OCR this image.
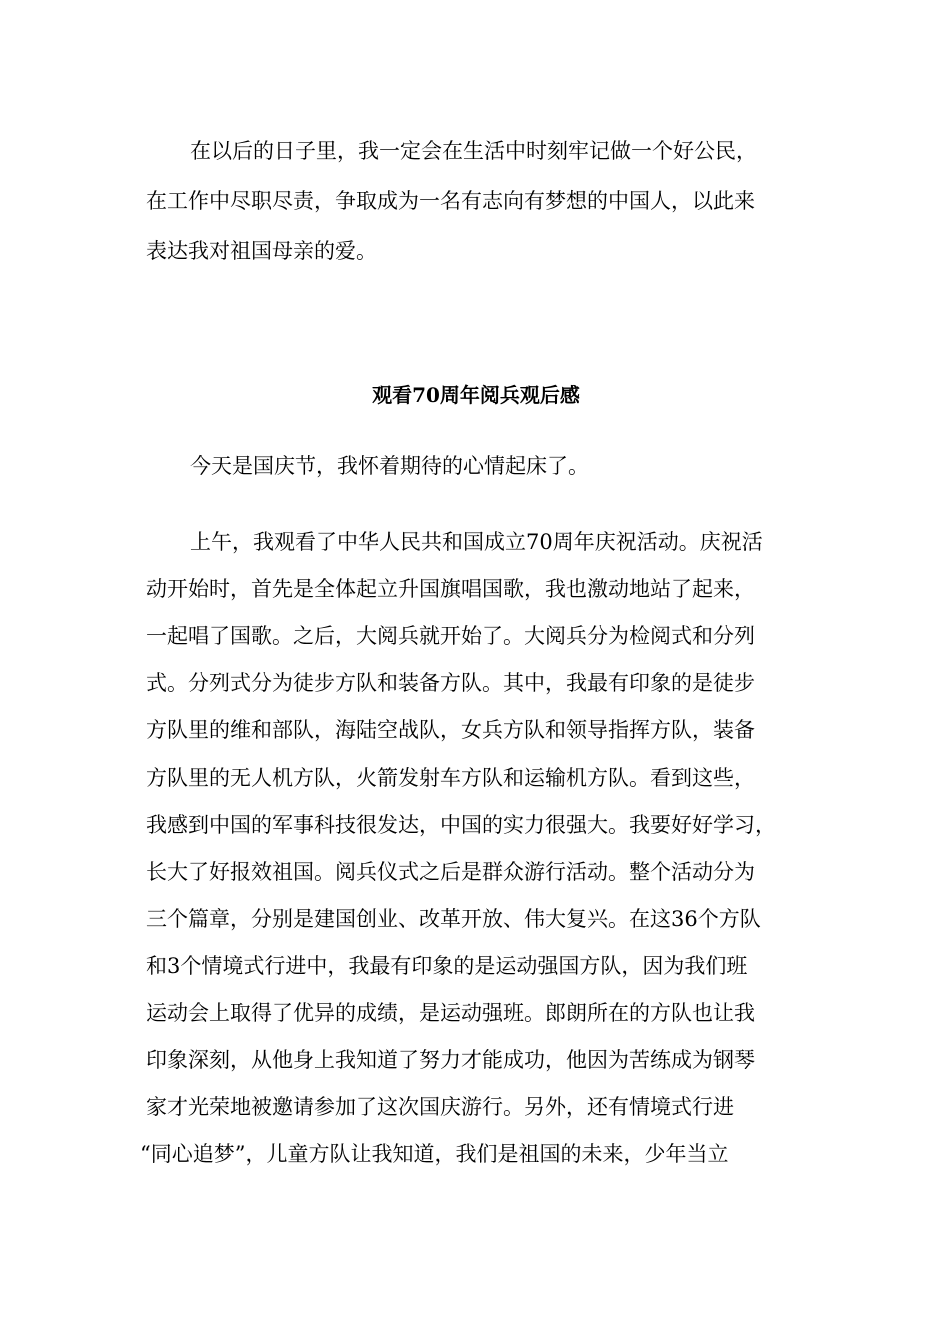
在以后的日子里，我一定会在生活中时刻牢记做一个好公民，
在工作中尽职尽责，争取成为一名有志向有梦想的中国人，以此来
表达我对祖国母亲的爱。
观看70周年阅兵观后感
今天是国庆节，我怀着期待的心情起床了。
上午，我观看了中华人民共和国成立70周年庆祝活动。庆祝活
动开始时，首先是全体起立升国旗唱国歌，我也激动地站了起来，
一起唱了国歌。之后，大阅兵就开始了。大阅兵分为检阅式和分列
式。分列式分为徒步方队和装备方队。其中，我最有印象的是徒步
方队里的维和部队，海陆空战队，女兵方队和领导指挥方队，装备
方队里的无人机方队，火箭发射车方队和运输机方队。看到这些，
我感到中国的军事科技很发达，中国的实力很强大。我要好好学习，
长大了好报效祖国。阅兵仪式之后是群众游行活动。整个活动分为
三个篇章，分别是建国创业、改革开放、伟大复兴。在这36个方队
和3个情境式行进中，我最有印象的是运动强国方队，因为我们班
运动会上取得了优异的成绩，是运动强班。郎朗所在的方队也让我
印象深刻，从他身上我知道了努力才能成功，他因为苦练成为钢琴
家才光荣地被邀请参加了这次国庆游行。另外，还有情境式行进
“同心追梦”，儿童方队让我知道，我们是祖国的未来，少年当立
